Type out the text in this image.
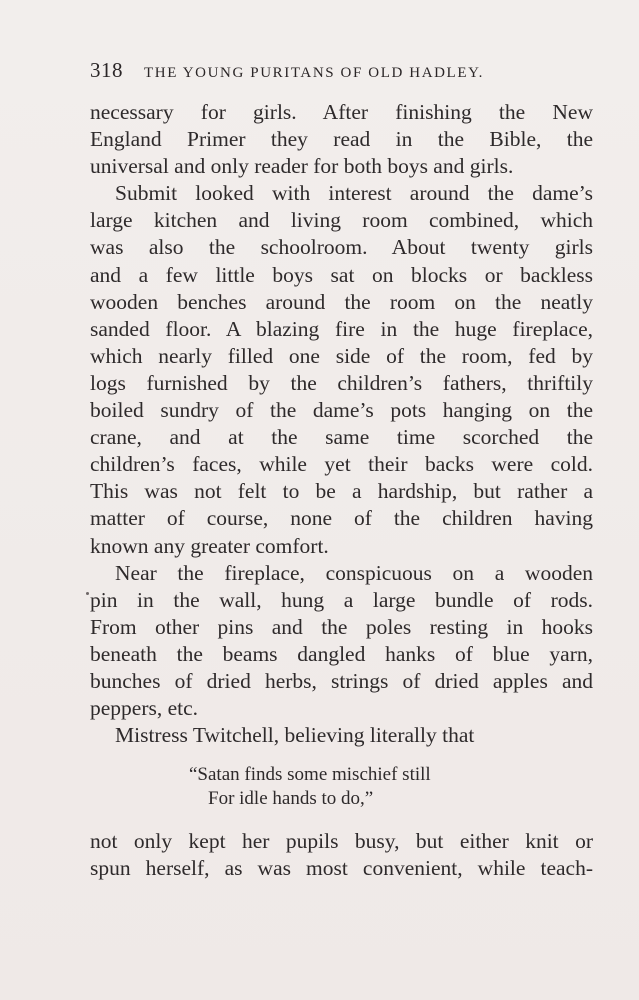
318 THE YOUNG PURITANS OF OLD HADLEY.
necessary for girls. After finishing the New
England Primer they read in the Bible, the
universal and only reader for both boys and girls.
Submit looked with interest around the dame’s
large kitchen and living room combined, which
was also the schoolroom. About twenty girls
and a few little boys sat on blocks or backless
wooden benches around the room on the neatly
sanded floor. A blazing fire in the huge fireplace,
which nearly filled one side of the room, fed by
logs furnished by the children’s fathers, thriftily
boiled sundry of the dame’s pots hanging on the
crane, and at the same time scorched the
children’s faces, while yet their backs were cold.
This was not felt to be a hardship, but rather a
matter of course, none of the children having
known any greater comfort.
Near the fireplace, conspicuous on a wooden
pin in the wall, hung a large bundle of rods.
From other pins and the poles resting in hooks
beneath the beams dangled hanks of blue yarn,
bunches of dried herbs, strings of dried apples and
peppers, etc.
Mistress Twitchell, believing literally that
“Satan finds some mischief still
For idle hands to do,”
not only kept her pupils busy, but either knit or
spun herself, as was most convenient, while teach-
